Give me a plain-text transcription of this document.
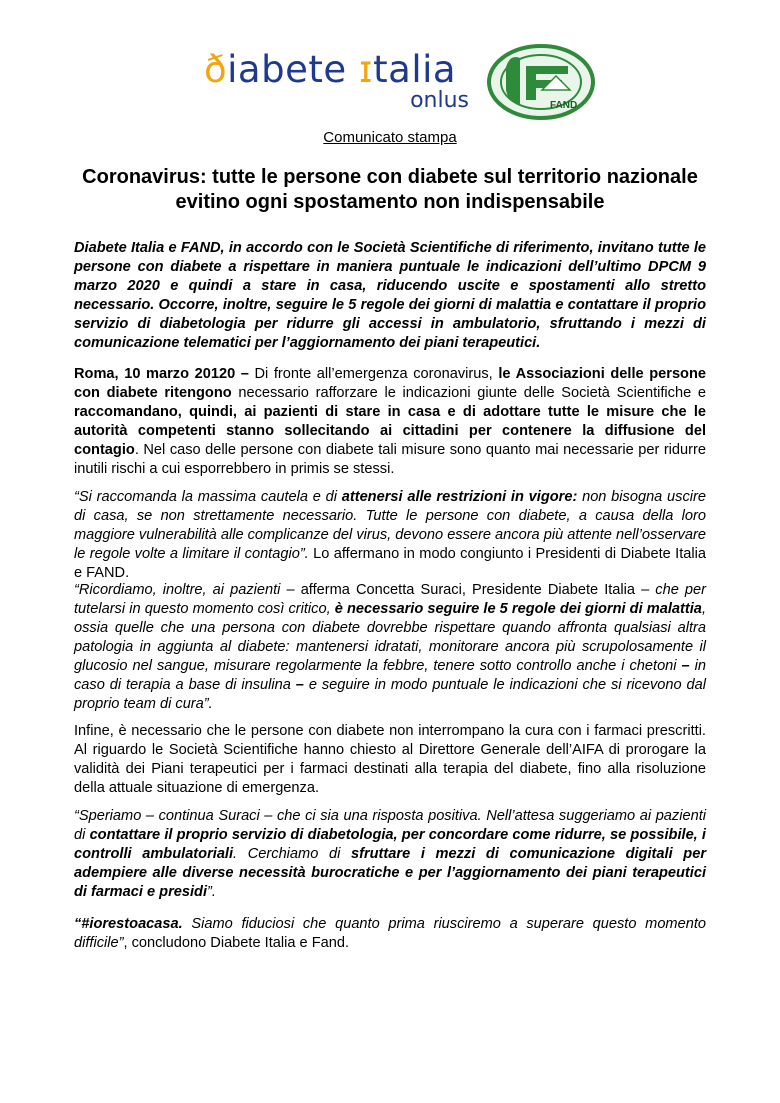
ðiabete ɪtalia
onlus	FAND
Comunicato stampa
Coronavirus: tutte le persone con diabete sul territorio nazionale evitino ogni spostamento non indispensabile
Diabete Italia e FAND, in accordo con le Società Scientifiche di riferimento, invitano tutte le persone con diabete a rispettare in maniera puntuale le indicazioni dell’ultimo DPCM 9 marzo 2020 e quindi a stare in casa, riducendo uscite e spostamenti allo stretto necessario. Occorre, inoltre, seguire le 5 regole dei giorni di malattia e contattare il proprio servizio di diabetologia per ridurre gli accessi in ambulatorio, sfruttando i mezzi di comunicazione telematici per l’aggiornamento dei piani terapeutici.
Roma, 10 marzo 20120 – Di fronte all’emergenza coronavirus, le Associazioni delle persone con diabete ritengono necessario rafforzare le indicazioni giunte delle Società Scientifiche e raccomandano, quindi, ai pazienti di stare in casa e di adottare tutte le misure che le autorità competenti stanno sollecitando ai cittadini per contenere la diffusione del contagio. Nel caso delle persone con diabete tali misure sono quanto mai necessarie per ridurre inutili rischi a cui esporrebbero in primis se stessi.
“Si raccomanda la massima cautela e di attenersi alle restrizioni in vigore: non bisogna uscire di casa, se non strettamente necessario. Tutte le persone con diabete, a causa della loro maggiore vulnerabilità alle complicanze del virus, devono essere ancora più attente nell’osservare le regole volte a limitare il contagio”. Lo affermano in modo congiunto i Presidenti di Diabete Italia e FAND.
“Ricordiamo, inoltre, ai pazienti – afferma Concetta Suraci, Presidente Diabete Italia – che per tutelarsi in questo momento così critico, è necessario seguire le 5 regole dei giorni di malattia, ossia quelle che una persona con diabete dovrebbe rispettare quando affronta qualsiasi altra patologia in aggiunta al diabete: mantenersi idratati, monitorare ancora più scrupolosamente il glucosio nel sangue, misurare regolarmente la febbre, tenere sotto controllo anche i chetoni – in caso di terapia a base di insulina – e seguire in modo puntuale le indicazioni che si ricevono dal proprio team di cura”.
Infine, è necessario che le persone con diabete non interrompano la cura con i farmaci prescritti. Al riguardo le Società Scientifiche hanno chiesto al Direttore Generale dell’AIFA di prorogare la validità dei Piani terapeutici per i farmaci destinati alla terapia del diabete, fino alla risoluzione della attuale situazione di emergenza.
“Speriamo – continua Suraci – che ci sia una risposta positiva. Nell’attesa suggeriamo ai pazienti di contattare il proprio servizio di diabetologia, per concordare come ridurre, se possibile, i controlli ambulatoriali. Cerchiamo di sfruttare i mezzi di comunicazione digitali per adempiere alle diverse necessità burocratiche e per l’aggiornamento dei piani terapeutici di farmaci e presidi”.
“#iorestoacasa. Siamo fiduciosi che quanto prima riusciremo a superare questo momento difficile”, concludono Diabete Italia e Fand.
